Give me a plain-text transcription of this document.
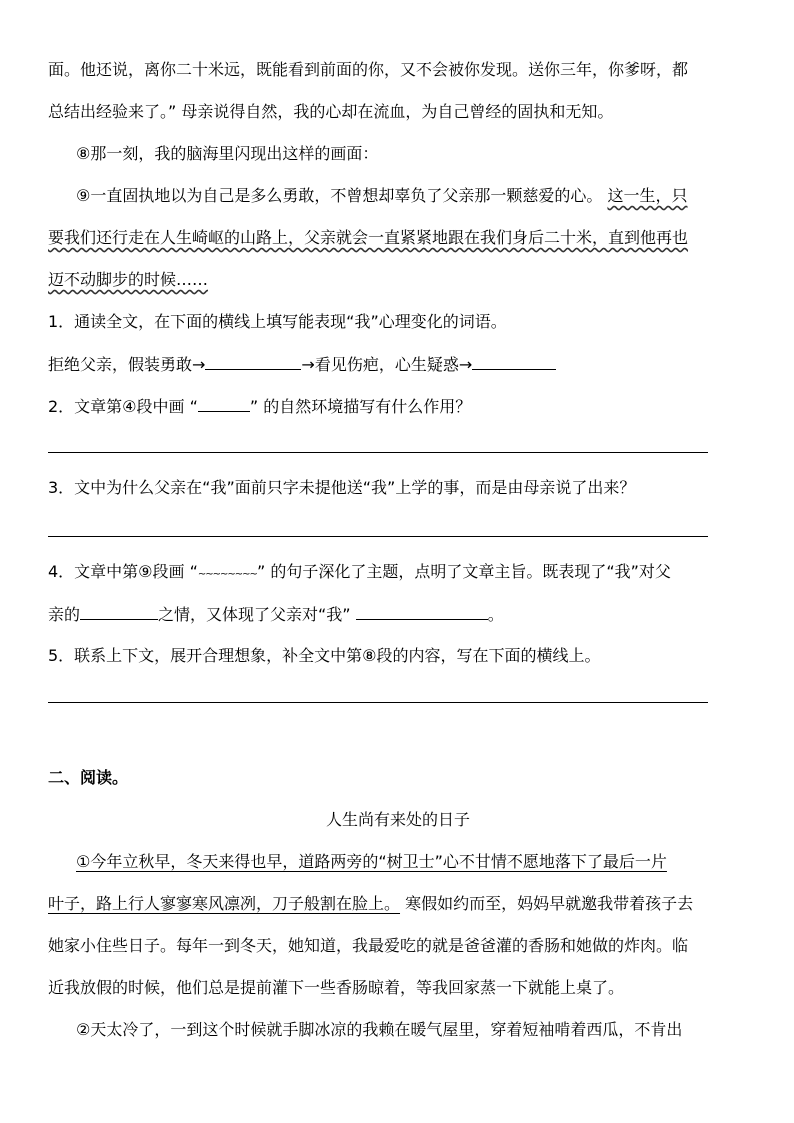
面。他还说，离你二十米远，既能看到前面的你，又不会被你发现。送你三年，你爹呀，都
总结出经验来了。” 母亲说得自然，我的心却在流血，为自己曾经的固执和无知。
⑧那一刻，我的脑海里闪现出这样的画面：
⑨一直固执地以为自己是多么勇敢，不曾想却辜负了父亲那一颗慈爱的心。 这一生，只
要我们还行走在人生崎岖的山路上，父亲就会一直紧紧地跟在我们身后二十米，直到他再也
迈不动脚步的时候……
1．通读全文，在下面的横线上填写能表现“我”心理变化的词语。
拒绝父亲，假装勇敢→	→看见伤疤，心生疑惑→
2．文章第④段中画 “	” 的自然环境描写有什么作用？
3．文中为什么父亲在“我”面前只字未提他送“我”上学的事，而是由母亲说了出来？
4．文章中第⑨段画 “~~~~~~~~” 的句子深化了主题，点明了文章主旨。既表现了“我”对父
亲的	之情，又体现了父亲对“我”	。
5．联系上下文，展开合理想象，补全文中第⑧段的内容，写在下面的横线上。
二、阅读。
人生尚有来处的日子
①今年立秋早，冬天来得也早，道路两旁的“树卫士”心不甘情不愿地落下了最后一片
叶子，路上行人寥寥寒风凛冽，刀子般割在脸上。 寒假如约而至，妈妈早就邀我带着孩子去
她家小住些日子。每年一到冬天，她知道，我最爱吃的就是爸爸灌的香肠和她做的炸肉。临
近我放假的时候，他们总是提前灌下一些香肠晾着，等我回家蒸一下就能上桌了。
②天太冷了，一到这个时候就手脚冰凉的我赖在暖气屋里，穿着短袖啃着西瓜，不肯出
